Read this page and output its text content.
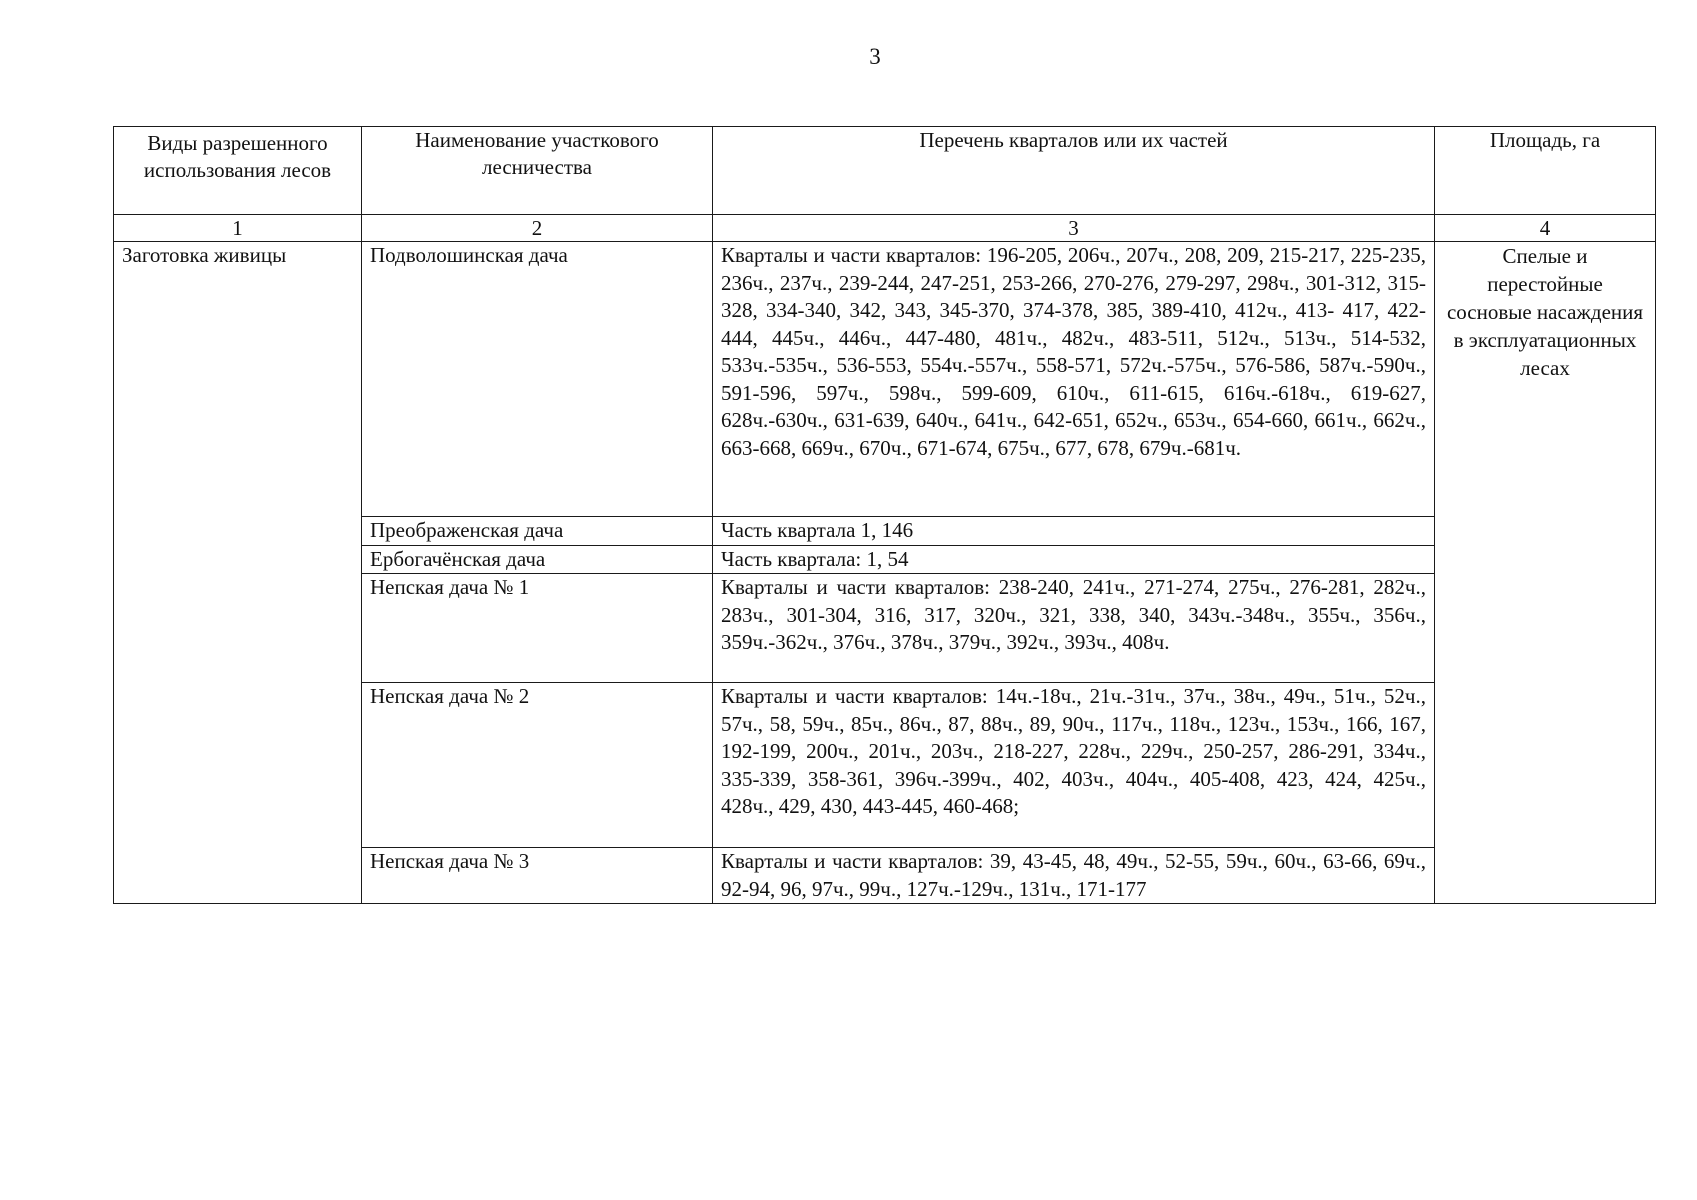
3
Виды разрешенного использования лесов	Наименование участкового лесничества	Перечень кварталов или их частей	Площадь, га
1	2	3	4
Заготовка живицы	Подволошинская дача	Кварталы и части кварталов: 196-205, 206ч., 207ч., 208, 209, 215-217, 225-235, 236ч., 237ч., 239-244, 247-251, 253-266, 270-276, 279-297, 298ч., 301-312, 315-328, 334-340, 342, 343, 345-370, 374-378, 385, 389-410, 412ч., 413- 417, 422-444, 445ч., 446ч., 447-480, 481ч., 482ч., 483-511, 512ч., 513ч., 514-532, 533ч.-535ч., 536-553, 554ч.-557ч., 558-571, 572ч.-575ч., 576-586, 587ч.-590ч., 591-596, 597ч., 598ч., 599-609, 610ч., 611-615, 616ч.-618ч., 619-627, 628ч.-630ч., 631-639, 640ч., 641ч., 642-651, 652ч., 653ч., 654-660, 661ч., 662ч., 663-668, 669ч., 670ч., 671-674, 675ч., 677, 678, 679ч.-681ч.	Спелые и перестойные сосновые насаждения в эксплуатационных лесах
	Преображенская дача	Часть квартала 1, 146	
	Ербогачёнская дача	Часть квартала: 1, 54	
	Непская дача № 1	Кварталы и части кварталов: 238-240, 241ч., 271-274, 275ч., 276-281, 282ч., 283ч., 301-304, 316, 317, 320ч., 321, 338, 340, 343ч.-348ч., 355ч., 356ч., 359ч.-362ч., 376ч., 378ч., 379ч., 392ч., 393ч., 408ч.	
	Непская дача № 2	Кварталы и части кварталов: 14ч.-18ч., 21ч.-31ч., 37ч., 38ч., 49ч., 51ч., 52ч., 57ч., 58, 59ч., 85ч., 86ч., 87, 88ч., 89, 90ч., 117ч., 118ч., 123ч., 153ч., 166, 167, 192-199, 200ч., 201ч., 203ч., 218-227, 228ч., 229ч., 250-257, 286-291, 334ч., 335-339, 358-361, 396ч.-399ч., 402, 403ч., 404ч., 405-408, 423, 424, 425ч., 428ч., 429, 430, 443-445, 460-468;	
	Непская дача № 3	Кварталы и части кварталов: 39, 43-45, 48, 49ч., 52-55, 59ч., 60ч., 63-66, 69ч., 92-94, 96, 97ч., 99ч., 127ч.-129ч., 131ч., 171-177	
